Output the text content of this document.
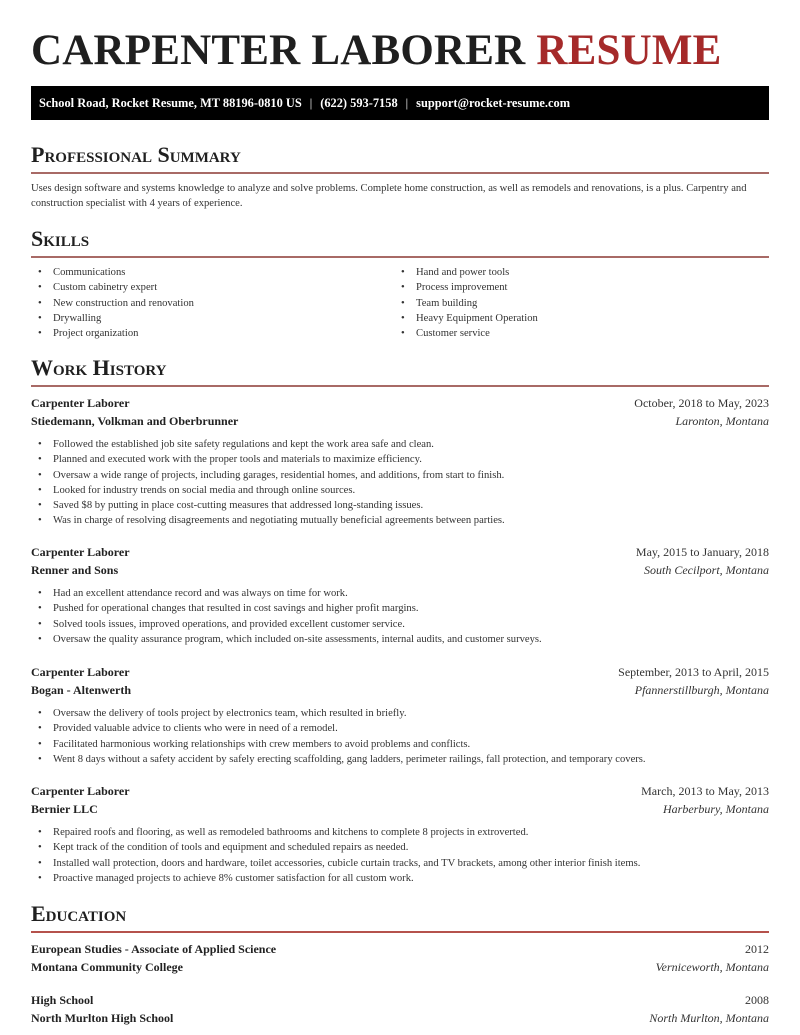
CARPENTER LABORER RESUME
School Road, Rocket Resume, MT 88196-0810 US | (622) 593-7158 | support@rocket-resume.com
Professional Summary

Uses design software and systems knowledge to analyze and solve problems. Complete home construction, as well as remodels and renovations, is a plus. Carpentry and construction specialist with 4 years of experience.

Skills
• Communications
• Custom cabinetry expert
• New construction and renovation
• Drywalling
• Project organization
• Hand and power tools
• Process improvement
• Team building
• Heavy Equipment Operation
• Customer service
Work History
Carpenter Laborer	October, 2018 to May, 2023
Stiedemann, Volkman and Oberbrunner	Laronton, Montana
• Followed the established job site safety regulations and kept the work area safe and clean.
• Planned and executed work with the proper tools and materials to maximize efficiency.
• Oversaw a wide range of projects, including garages, residential homes, and additions, from start to finish.
• Looked for industry trends on social media and through online sources.
• Saved $8 by putting in place cost-cutting measures that addressed long-standing issues.
• Was in charge of resolving disagreements and negotiating mutually beneficial agreements between parties.
Carpenter Laborer	May, 2015 to January, 2018
Renner and Sons	South Cecilport, Montana
• Had an excellent attendance record and was always on time for work.
• Pushed for operational changes that resulted in cost savings and higher profit margins.
• Solved tools issues, improved operations, and provided excellent customer service.
• Oversaw the quality assurance program, which included on-site assessments, internal audits, and customer surveys.
Carpenter Laborer	September, 2013 to April, 2015
Bogan - Altenwerth	Pfannerstillburgh, Montana
• Oversaw the delivery of tools project by electronics team, which resulted in briefly.
• Provided valuable advice to clients who were in need of a remodel.
• Facilitated harmonious working relationships with crew members to avoid problems and conflicts.
• Went 8 days without a safety accident by safely erecting scaffolding, gang ladders, perimeter railings, fall protection, and temporary covers.
Carpenter Laborer	March, 2013 to May, 2013
Bernier LLC	Harberbury, Montana
• Repaired roofs and flooring, as well as remodeled bathrooms and kitchens to complete 8 projects in extroverted.
• Kept track of the condition of tools and equipment and scheduled repairs as needed.
• Installed wall protection, doors and hardware, toilet accessories, cubicle curtain tracks, and TV brackets, among other interior finish items.
• Proactive managed projects to achieve 8% customer satisfaction for all custom work.
Education
European Studies - Associate of Applied Science	2012
Montana Community College	Verniceworth, Montana
High School	2008
North Murlton High School	North Murlton, Montana
